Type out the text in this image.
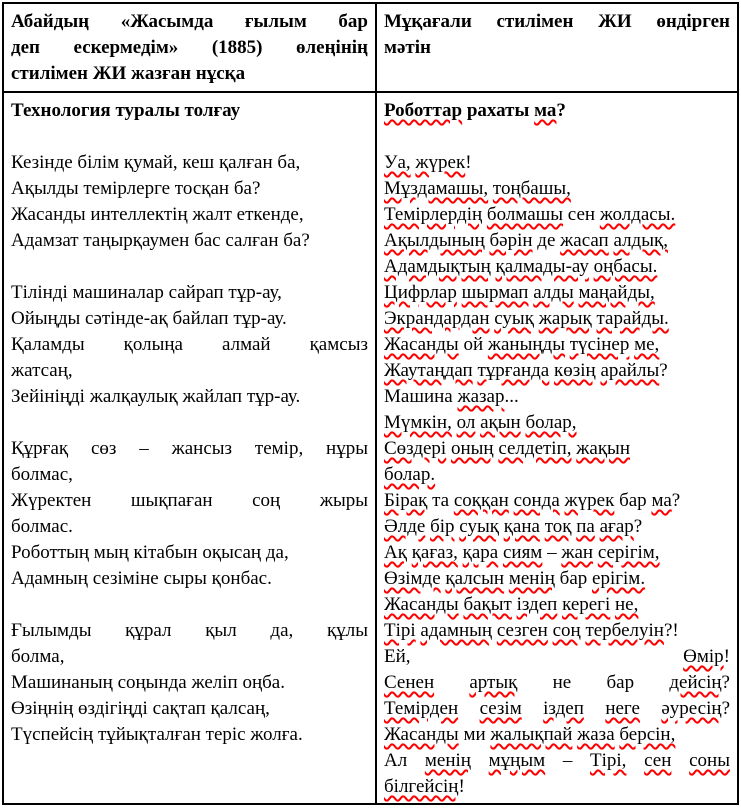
Абайдың «Жасымда ғылым бар
деп ескермедім» (1885) өлеңінің
стилімен ЖИ жазған нұсқа
Мұқағали стилімен ЖИ өндірген
мәтін
Технология туралы толғау

Кезінде білім қумай, кеш қалған ба,
Ақылды темірлерге тосқан ба?
Жасанды интеллектің жалт еткенде,
Адамзат таңырқаумен бас салған ба?

Тілінді машиналар сайрап тұр-ау,
Ойыңды сәтінде-ақ байлап тұр-ау.
Қаламды қолыңа алмай қамсыз
жатсаң,
Зейініңді жалқаулық жайлап тұр-ау.

Құрғақ сөз – жансыз темір, нұры
болмас,
Жүректен шықпаған соң жыры
болмас.
Роботтың мың кітабын оқысаң да,
Адамның сезіміне сыры қонбас.

Ғылымды құрал қыл да, құлы
болма,
Машинаның соңында желіп оңба.
Өзіңнің өздігіңді сақтап қалсаң,
Түспейсің тұйықталған теріс жолға.
Роботтар рахаты ма?

Уа, жүрек!
Мұздамашы, тоңбашы,
Темірлердің болмашы сен жолдасы.
Ақылдының бәрін де жасап алдық,
Адамдықтың қалмады-ау оңбасы.
Цифрлар шырмап алды маңайды,
Экрандардан суық жарық тарайды.
Жасанды ой жаныңды түсінер ме,
Жаутаңдап тұрғанда көзің арайлы?
Машина жазар...
Мүмкін, ол ақын болар,
Сөздері оның селдетіп, жақын
болар.
Бірақ та соққан сонда жүрек бар ма?
Әлде бір суық қана тоқ па ағар?
Ақ қағаз, қара сиям – жан серігім,
Өзімде қалсын менің бар ерігім.
Жасанды бақыт іздеп керегі не,
Тірі адамның сезген соң тербелуін?!
Ей,	Өмір!
Сенен артық не бар дейсің?
Темірден сезім іздеп неге әуресің?
Жасанды ми жалықпай жаза берсін,
Ал менің мұңым – Тірі, сен соны
білгейсің!
